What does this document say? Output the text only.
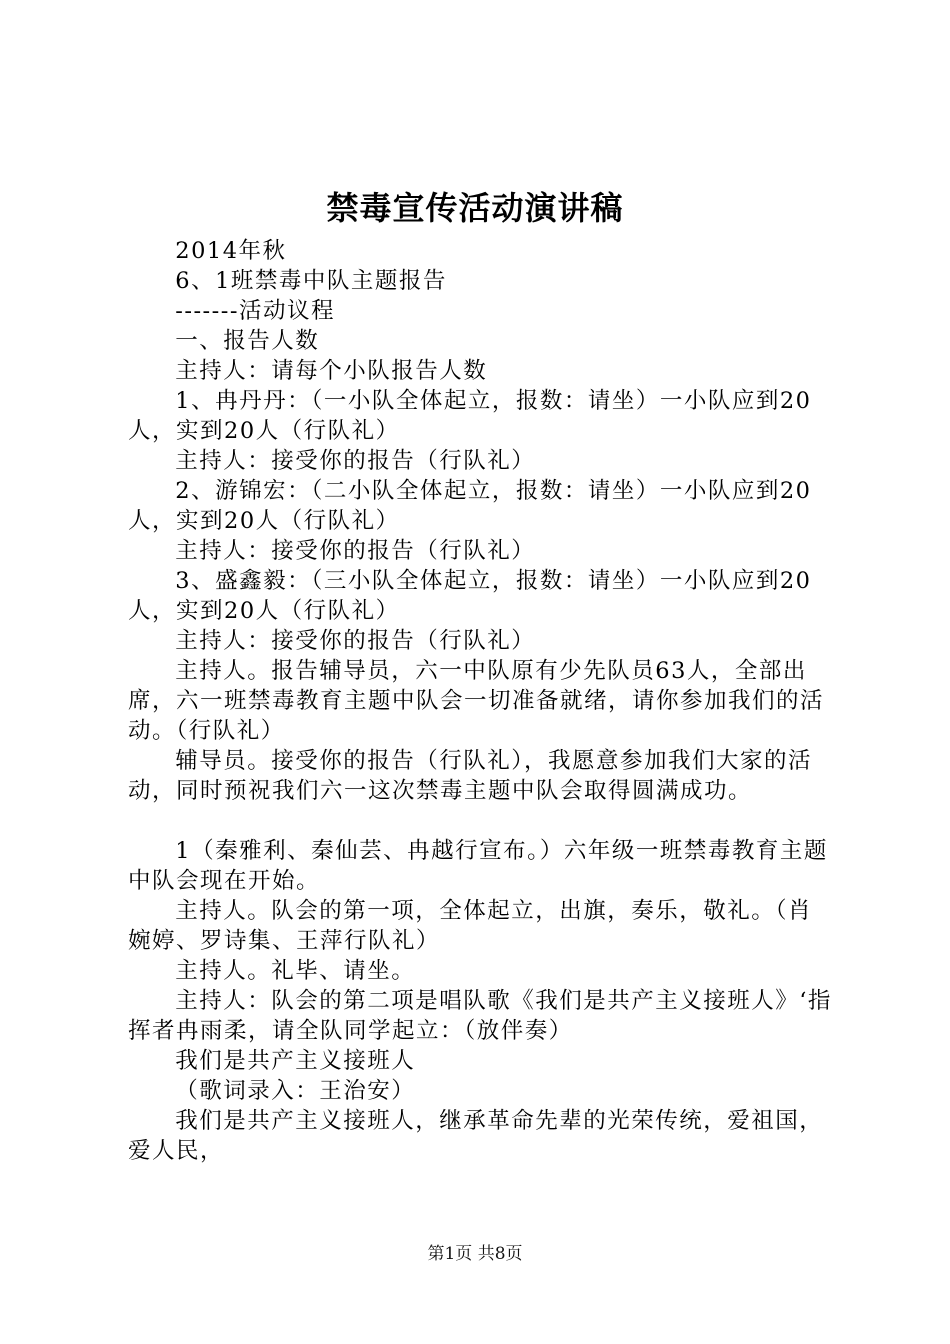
禁毒宣传活动演讲稿

2014年秋

6、1班禁毒中队主题报告

-------活动议程

一、报告人数

主持人：请每个小队报告人数

1、冉丹丹：（一小队全体起立，报数：请坐）一小队应到20人，实到20人（行队礼）

主持人：接受你的报告（行队礼）

2、游锦宏：（二小队全体起立，报数：请坐）一小队应到20人，实到20人（行队礼）

主持人：接受你的报告（行队礼）

3、盛鑫毅：（三小队全体起立，报数：请坐）一小队应到20人，实到20人（行队礼）

主持人：接受你的报告（行队礼）

主持人。报告辅导员，六一中队原有少先队员63人，全部出席，六一班禁毒教育主题中队会一切准备就绪，请你参加我们的活动。（行队礼）

辅导员。接受你的报告（行队礼），我愿意参加我们大家的活动，同时预祝我们六一这次禁毒主题中队会取得圆满成功。

1（秦雅利、秦仙芸、冉越行宣布。）六年级一班禁毒教育主题中队会现在开始。

主持人。队会的第一项，全体起立，出旗，奏乐，敬礼。（肖婉婷、罗诗集、王萍行队礼）

主持人。礼毕、请坐。

主持人：队会的第二项是唱队歌《我们是共产主义接班人》‘指挥者冉雨柔，请全队同学起立：（放伴奏）

我们是共产主义接班人

（歌词录入：王治安）

我们是共产主义接班人，继承革命先辈的光荣传统，爱祖国，爱人民，

第1页 共8页
